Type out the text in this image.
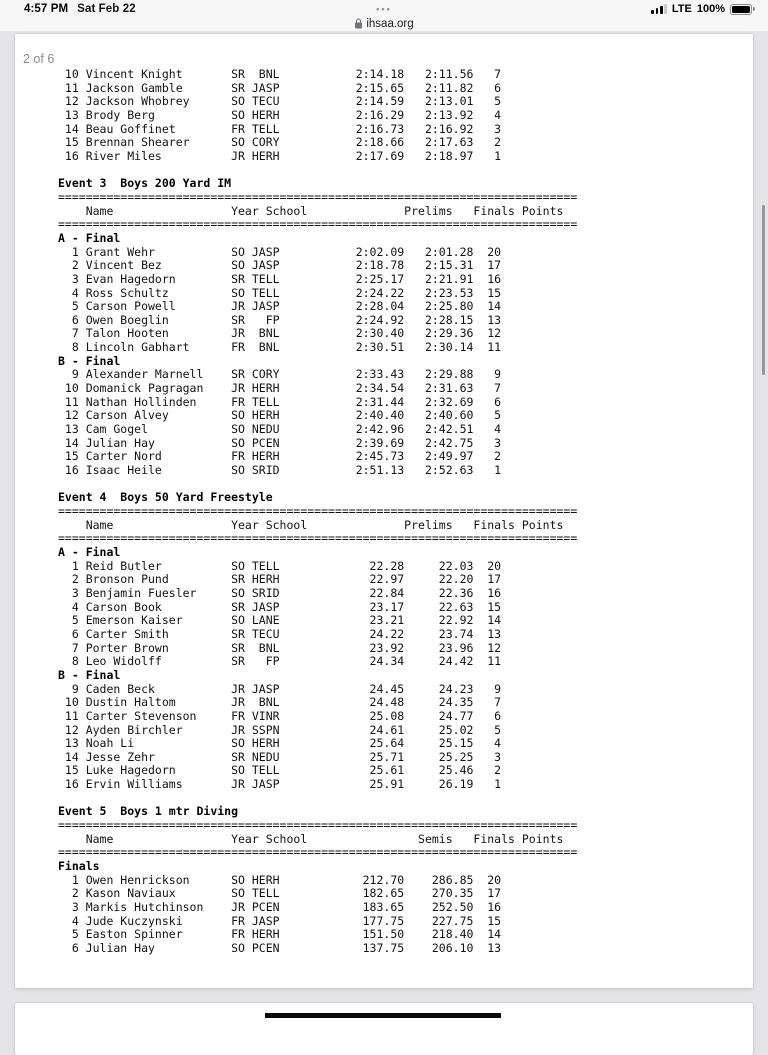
4:57 PM Sat Feb 22	•••	LTE 100%
ihsaa.org
2 of 6
10 Vincent Knight       SR  BNL           2:14.18   2:11.56   7
11 Jackson Gamble       SR JASP           2:15.65   2:11.82   6
12 Jackson Whobrey      SO TECU           2:14.59   2:13.01   5
13 Brody Berg           SO HERH           2:16.29   2:13.92   4
14 Beau Goffinet        FR TELL           2:16.73   2:16.92   3
15 Brennan Shearer      SO CORY           2:18.66   2:17.63   2
16 River Miles          JR HERH           2:17.69   2:18.97   1
Event 3  Boys 200 Yard IM
===========================================================================
Name                 Year School              Prelims   Finals Points
===========================================================================
A - Final
1 Grant Wehr           SO JASP           2:02.09   2:01.28  20
2 Vincent Bez          SO JASP           2:18.78   2:15.31  17
3 Evan Hagedorn        SR TELL           2:25.17   2:21.91  16
4 Ross Schultz         SO TELL           2:24.22   2:23.53  15
5 Carson Powell        JR JASP           2:28.04   2:25.80  14
6 Owen Boeglin         SR   FP           2:24.92   2:28.15  13
7 Talon Hooten         JR  BNL           2:30.40   2:29.36  12
8 Lincoln Gabhart      FR  BNL           2:30.51   2:30.14  11
B - Final
9 Alexander Marnell    SR CORY           2:33.43   2:29.88   9
10 Domanick Pagragan    JR HERH           2:34.54   2:31.63   7
11 Nathan Hollinden     FR TELL           2:31.44   2:32.69   6
12 Carson Alvey         SO HERH           2:40.40   2:40.60   5
13 Cam Gogel            SO NEDU           2:42.96   2:42.51   4
14 Julian Hay           SO PCEN           2:39.69   2:42.75   3
15 Carter Nord          FR HERH           2:45.73   2:49.97   2
16 Isaac Heile          SO SRID           2:51.13   2:52.63   1
Event 4  Boys 50 Yard Freestyle
===========================================================================
Name                 Year School              Prelims   Finals Points
===========================================================================
A - Final
1 Reid Butler          SO TELL             22.28     22.03  20
2 Bronson Pund         SR HERH             22.97     22.20  17
3 Benjamin Fuesler     SO SRID             22.84     22.36  16
4 Carson Book          SR JASP             23.17     22.63  15
5 Emerson Kaiser       SO LANE             23.21     22.92  14
6 Carter Smith         SR TECU             24.22     23.74  13
7 Porter Brown         SR  BNL             23.92     23.96  12
8 Leo Widolff          SR   FP             24.34     24.42  11
B - Final
9 Caden Beck           JR JASP             24.45     24.23   9
10 Dustin Haltom        JR  BNL             24.48     24.35   7
11 Carter Stevenson     FR VINR             25.08     24.77   6
12 Ayden Birchler       JR SSPN             24.61     25.02   5
13 Noah Li              SO HERH             25.64     25.15   4
14 Jesse Zehr           SR NEDU             25.71     25.25   3
15 Luke Hagedorn        SO TELL             25.61     25.46   2
16 Ervin Williams       JR JASP             25.91     26.19   1
Event 5  Boys 1 mtr Diving
===========================================================================
Name                 Year School                Semis   Finals Points
===========================================================================
Finals
1 Owen Henrickson      SO HERH            212.70    286.85  20
2 Kason Naviaux        SO TELL            182.65    270.35  17
3 Markis Hutchinson    JR PCEN            183.65    252.50  16
4 Jude Kuczynski       FR JASP            177.75    227.75  15
5 Easton Spinner       FR HERH            151.50    218.40  14
6 Julian Hay           SO PCEN            137.75    206.10  13
